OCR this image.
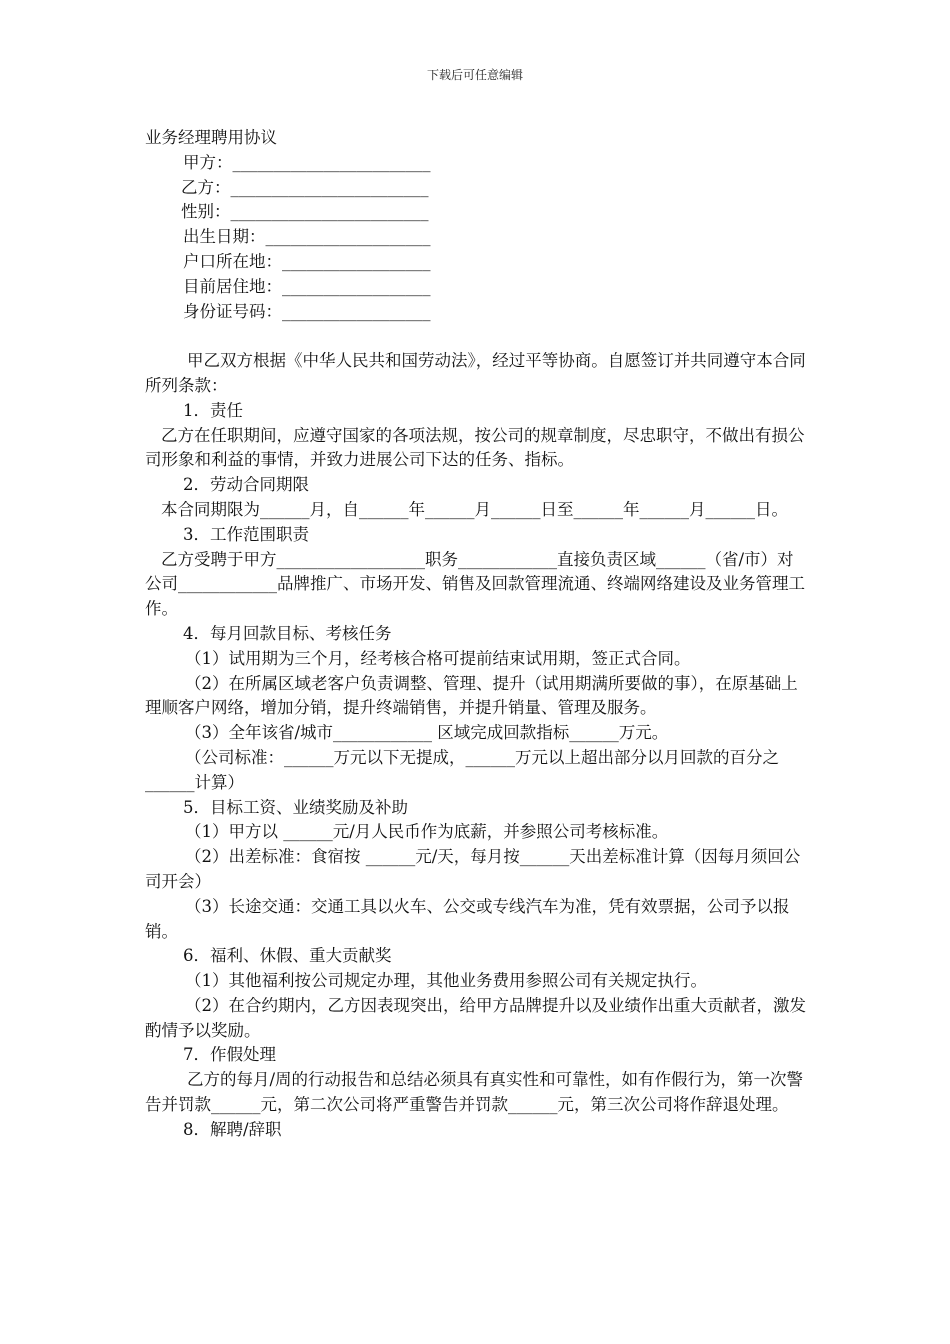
下载后可任意编辑

业务经理聘用协议

甲方：________________________

乙方：________________________

性别：________________________

出生日期：____________________

户口所在地：__________________

目前居住地：__________________

身份证号码：__________________

甲乙双方根据《中华人民共和国劳动法》，经过平等协商。自愿签订并共同遵守本合同所列条款：

1．责任

乙方在任职期间，应遵守国家的各项法规，按公司的规章制度，尽忠职守，不做出有损公司形象和利益的事情，并致力进展公司下达的任务、指标。

2．劳动合同期限

本合同期限为______月，自______年______月______日至______年______月______日。

3．工作范围职责

乙方受聘于甲方__________________职务____________直接负责区域______（省/市）对公司____________品牌推广、市场开发、销售及回款管理流通、终端网络建设及业务管理工作。

4．每月回款目标、考核任务

（1）试用期为三个月，经考核合格可提前结束试用期，签正式合同。

（2）在所属区域老客户负责调整、管理、提升（试用期满所要做的事），在原基础上理顺客户网络，增加分销，提升终端销售，并提升销量、管理及服务。

（3）全年该省/城市____________ 区域完成回款指标______万元。

（公司标准：______万元以下无提成，______万元以上超出部分以月回款的百分之______计算）

5．目标工资、业绩奖励及补助

（1）甲方以 ______元/月人民币作为底薪，并参照公司考核标准。

（2）出差标准：食宿按 ______元/天，每月按______天出差标准计算（因每月须回公司开会）

（3）长途交通：交通工具以火车、公交或专线汽车为准，凭有效票据，公司予以报销。

6．福利、休假、重大贡献奖

（1）其他福利按公司规定办理，其他业务费用参照公司有关规定执行。

（2）在合约期内，乙方因表现突出，给甲方品牌提升以及业绩作出重大贡献者，激发酌情予以奖励。

7．作假处理

乙方的每月/周的行动报告和总结必须具有真实性和可靠性，如有作假行为，第一次警告并罚款______元，第二次公司将严重警告并罚款______元，第三次公司将作辞退处理。

8．解聘/辞职
